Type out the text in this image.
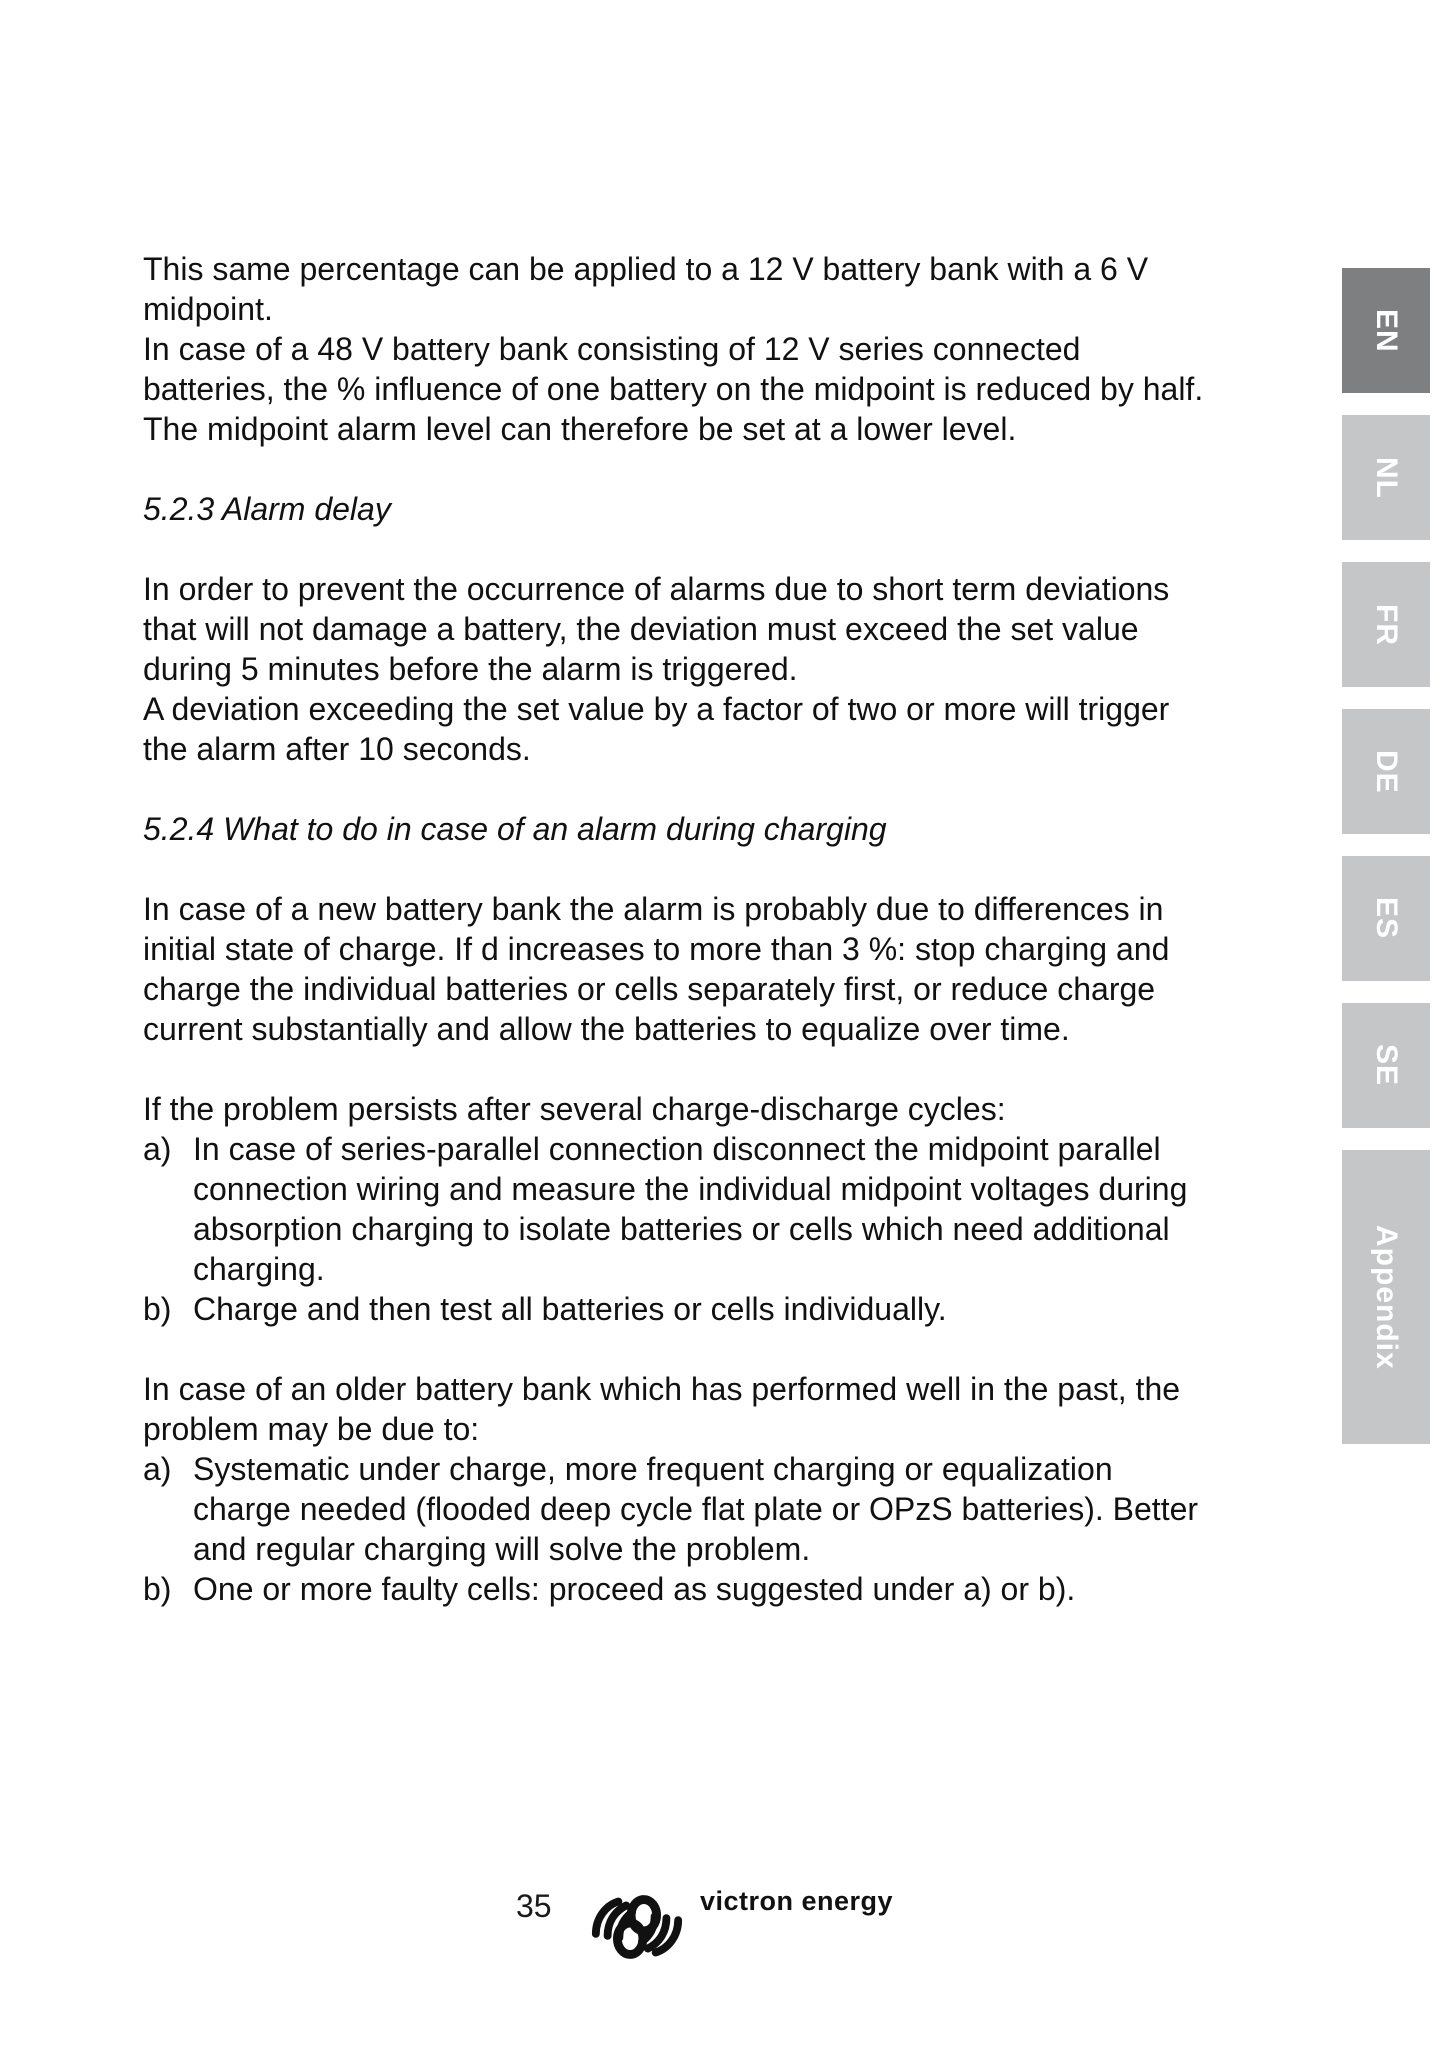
This same percentage can be applied to a 12 V battery bank with a 6 V
midpoint.
In case of a 48 V battery bank consisting of 12 V series connected
batteries, the % influence of one battery on the midpoint is reduced by half.
The midpoint alarm level can therefore be set at a lower level.
5.2.3 Alarm delay
In order to prevent the occurrence of alarms due to short term deviations
that will not damage a battery, the deviation must exceed the set value
during 5 minutes before the alarm is triggered.
A deviation exceeding the set value by a factor of two or more will trigger
the alarm after 10 seconds.
5.2.4 What to do in case of an alarm during charging
In case of a new battery bank the alarm is probably due to differences in
initial state of charge. If d increases to more than 3 %: stop charging and
charge the individual batteries or cells separately first, or reduce charge
current substantially and allow the batteries to equalize over time.
If the problem persists after several charge-discharge cycles:
a) In case of series-parallel connection disconnect the midpoint parallel
connection wiring and measure the individual midpoint voltages during
absorption charging to isolate batteries or cells which need additional
charging.
b) Charge and then test all batteries or cells individually.
In case of an older battery bank which has performed well in the past, the
problem may be due to:
a) Systematic under charge, more frequent charging or equalization
charge needed (flooded deep cycle flat plate or OPzS batteries). Better
and regular charging will solve the problem.
b) One or more faulty cells: proceed as suggested under a) or b).
EN
NL
FR
DE
ES
SE
Appendix
35	victron energy
